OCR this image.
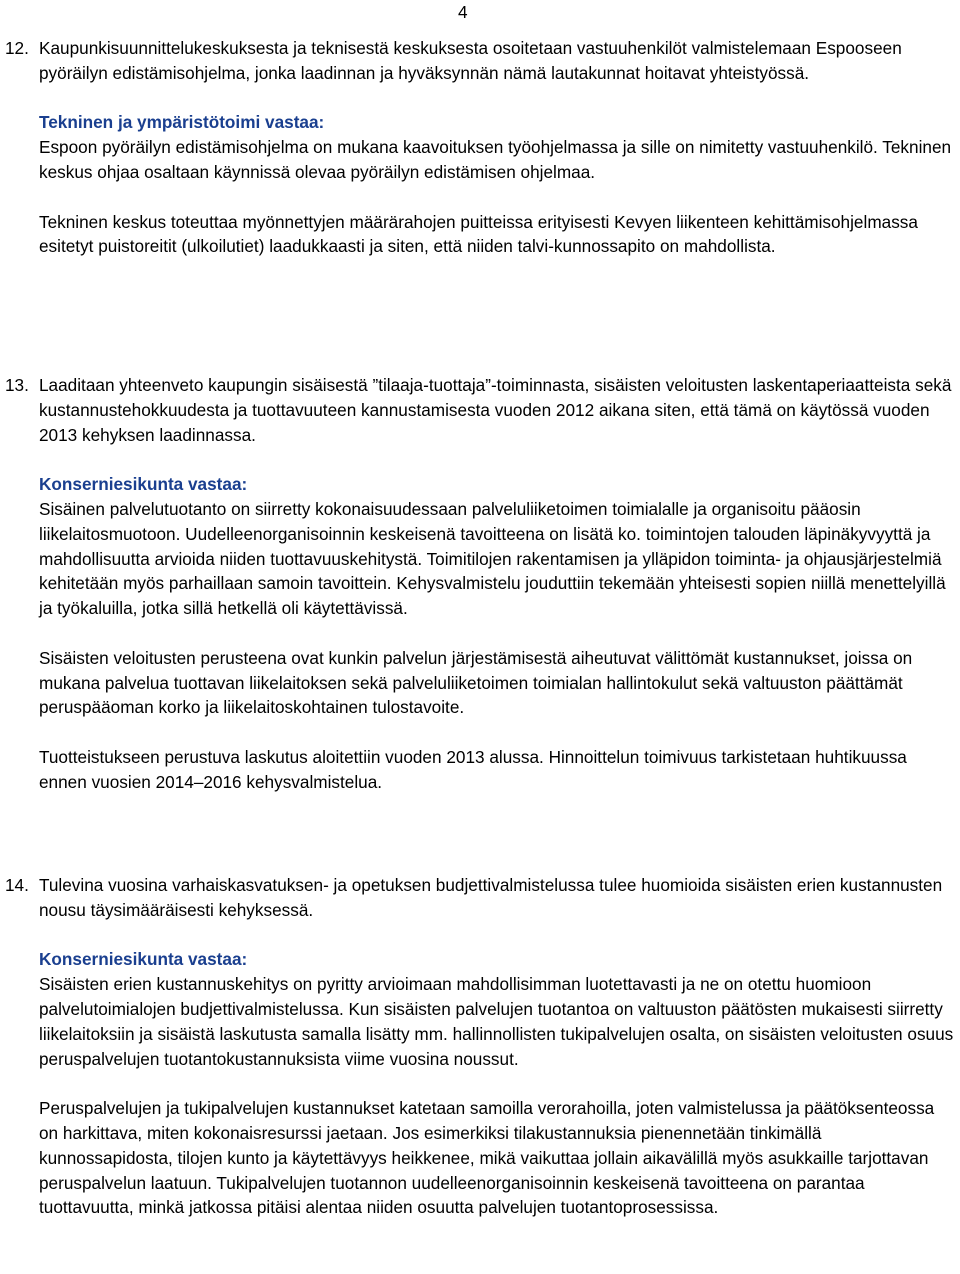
4
12. Kaupunkisuunnittelukeskuksesta ja teknisestä keskuksesta osoitetaan vastuuhenkilöt valmistelemaan Espooseen pyöräilyn edistämisohjelma, jonka laadinnan ja hyväksynnän nämä lautakunnat hoitavat yhteistyössä.

Tekninen ja ympäristötoimi vastaa:

Espoon pyöräilyn edistämisohjelma on mukana kaavoituksen työohjelmassa ja sille on nimitetty vastuuhenkilö. Tekninen keskus ohjaa osaltaan käynnissä olevaa pyöräilyn edistämisen ohjelmaa.

Tekninen keskus toteuttaa myönnettyjen määrärahojen puitteissa erityisesti Kevyen liikenteen kehittämisohjelmassa esitetyt puistoreitit (ulkoilutiet) laadukkaasti ja siten, että niiden talvi-kunnossapito on mahdollista.

13. Laaditaan yhteenveto kaupungin sisäisestä ”tilaaja-tuottaja”-toiminnasta, sisäisten veloitusten laskentaperiaatteista sekä kustannustehokkuudesta ja tuottavuuteen kannustamisesta vuoden 2012 aikana siten, että tämä on käytössä vuoden 2013 kehyksen laadinnassa.

Konserniesikunta vastaa:

Sisäinen palvelutuotanto on siirretty kokonaisuudessaan palveluliiketoimen toimialalle ja organisoitu pääosin liikelaitosmuotoon. Uudelleenorganisoinnin keskeisenä tavoitteena on lisätä ko. toimintojen talouden läpinäkyvyyttä ja mahdollisuutta arvioida niiden tuottavuuskehitystä. Toimitilojen rakentamisen ja ylläpidon toiminta- ja ohjausjärjestelmiä kehitetään myös parhaillaan samoin tavoittein. Kehysvalmistelu jouduttiin tekemään yhteisesti sopien niillä menettelyillä ja työkaluilla, jotka sillä hetkellä oli käytettävissä.

Sisäisten veloitusten perusteena ovat kunkin palvelun järjestämisestä aiheutuvat välittömät kustannukset, joissa on mukana palvelua tuottavan liikelaitoksen sekä palveluliiketoimen toimialan hallintokulut sekä valtuuston päättämät peruspääoman korko ja liikelaitoskohtainen tulostavoite.

Tuotteistukseen perustuva laskutus aloitettiin vuoden 2013 alussa. Hinnoittelun toimivuus tarkistetaan huhtikuussa ennen vuosien 2014–2016 kehysvalmistelua.

14. Tulevina vuosina varhaiskasvatuksen- ja opetuksen budjettivalmistelussa tulee huomioida sisäisten erien kustannusten nousu täysimääräisesti kehyksessä.

Konserniesikunta vastaa:

Sisäisten erien kustannuskehitys on pyritty arvioimaan mahdollisimman luotettavasti ja ne on otettu huomioon palvelutoimialojen budjettivalmistelussa. Kun sisäisten palvelujen tuotantoa on valtuuston päätösten mukaisesti siirretty liikelaitoksiin ja sisäistä laskutusta samalla lisätty mm. hallinnollisten tukipalvelujen osalta, on sisäisten veloitusten osuus peruspalvelujen tuotantokustannuksista viime vuosina noussut.

Peruspalvelujen ja tukipalvelujen kustannukset katetaan samoilla verorahoilla, joten valmistelussa ja päätöksenteossa on harkittava, miten kokonaisresurssi jaetaan. Jos esimerkiksi tilakustannuksia pienennetään tinkimällä kunnossapidosta, tilojen kunto ja käytettävyys heikkenee, mikä vaikuttaa jollain aikavälillä myös asukkaille tarjottavan peruspalvelun laatuun. Tukipalvelujen tuotannon uudelleenorganisoinnin keskeisenä tavoitteena on parantaa tuottavuutta, minkä jatkossa pitäisi alentaa niiden osuutta palvelujen tuotantoprosessissa.
